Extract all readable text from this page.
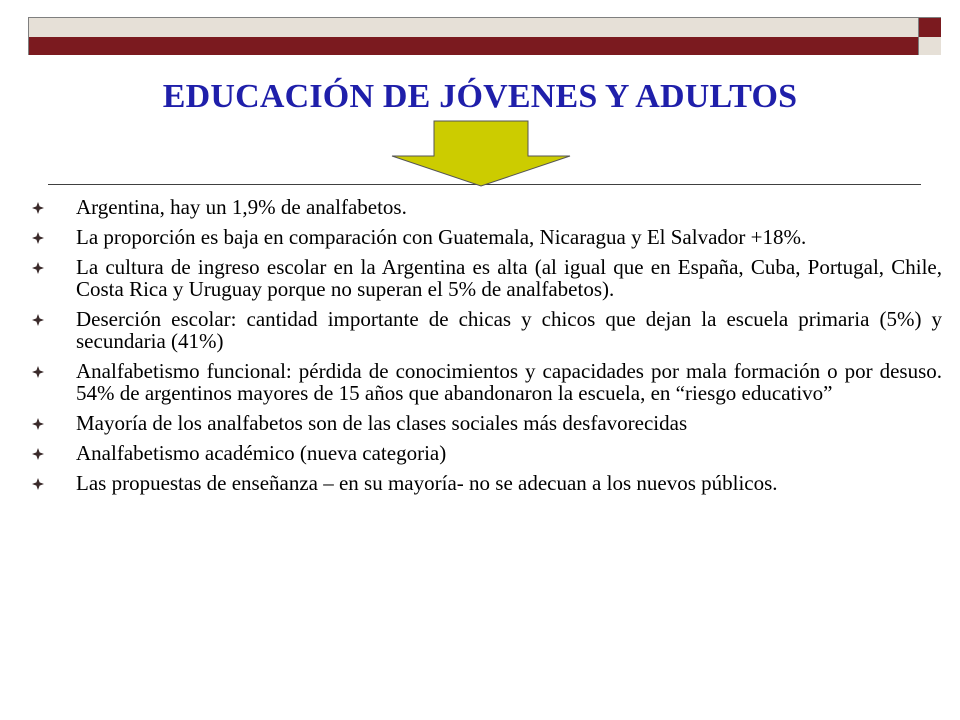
EDUCACIÓN DE JÓVENES Y ADULTOS
Argentina, hay un 1,9% de analfabetos.
La proporción es baja en comparación con Guatemala, Nicaragua y El Salvador +18%.
La cultura de ingreso escolar en la Argentina es alta (al igual que en España, Cuba, Portugal, Chile, Costa Rica y Uruguay porque no superan el 5% de analfabetos).
Deserción escolar: cantidad importante de chicas y chicos que dejan la escuela primaria (5%) y secundaria (41%)
Analfabetismo funcional: pérdida de conocimientos y capacidades por mala formación o por desuso. 54% de argentinos mayores de 15 años que abandonaron la escuela, en “riesgo educativo”
Mayoría de los analfabetos son de las clases sociales más desfavorecidas
Analfabetismo académico (nueva categoria)
Las propuestas de enseñanza – en su mayoría- no se adecuan a los nuevos públicos.
